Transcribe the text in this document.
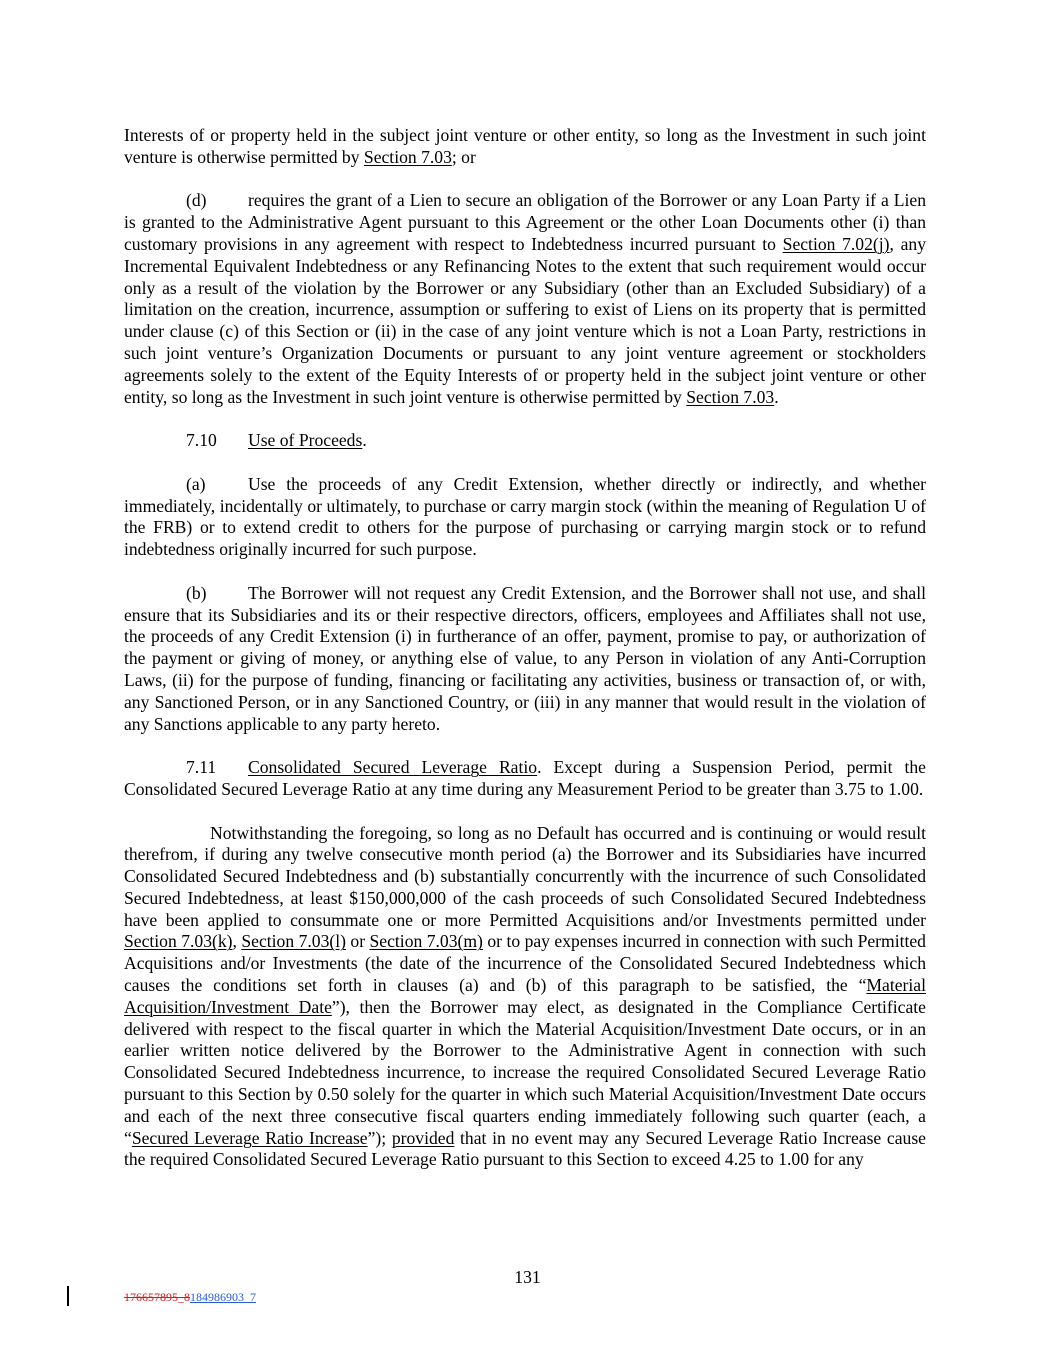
Interests of or property held in the subject joint venture or other entity, so long as the Investment in such joint venture is otherwise permitted by Section 7.03; or

(d) requires the grant of a Lien to secure an obligation of the Borrower or any Loan Party if a Lien is granted to the Administrative Agent pursuant to this Agreement or the other Loan Documents other (i) than customary provisions in any agreement with respect to Indebtedness incurred pursuant to Section 7.02(j), any Incremental Equivalent Indebtedness or any Refinancing Notes to the extent that such requirement would occur only as a result of the violation by the Borrower or any Subsidiary (other than an Excluded Subsidiary) of a limitation on the creation, incurrence, assumption or suffering to exist of Liens on its property that is permitted under clause (c) of this Section or (ii) in the case of any joint venture which is not a Loan Party, restrictions in such joint venture’s Organization Documents or pursuant to any joint venture agreement or stockholders agreements solely to the extent of the Equity Interests of or property held in the subject joint venture or other entity, so long as the Investment in such joint venture is otherwise permitted by Section 7.03.

7.10 Use of Proceeds.

(a) Use the proceeds of any Credit Extension, whether directly or indirectly, and whether immediately, incidentally or ultimately, to purchase or carry margin stock (within the meaning of Regulation U of the FRB) or to extend credit to others for the purpose of purchasing or carrying margin stock or to refund indebtedness originally incurred for such purpose.

(b) The Borrower will not request any Credit Extension, and the Borrower shall not use, and shall ensure that its Subsidiaries and its or their respective directors, officers, employees and Affiliates shall not use, the proceeds of any Credit Extension (i) in furtherance of an offer, payment, promise to pay, or authorization of the payment or giving of money, or anything else of value, to any Person in violation of any Anti-Corruption Laws, (ii) for the purpose of funding, financing or facilitating any activities, business or transaction of, or with, any Sanctioned Person, or in any Sanctioned Country, or (iii) in any manner that would result in the violation of any Sanctions applicable to any party hereto.

7.11 Consolidated Secured Leverage Ratio. Except during a Suspension Period, permit the Consolidated Secured Leverage Ratio at any time during any Measurement Period to be greater than 3.75 to 1.00.

Notwithstanding the foregoing, so long as no Default has occurred and is continuing or would result therefrom, if during any twelve consecutive month period (a) the Borrower and its Subsidiaries have incurred Consolidated Secured Indebtedness and (b) substantially concurrently with the incurrence of such Consolidated Secured Indebtedness, at least $150,000,000 of the cash proceeds of such Consolidated Secured Indebtedness have been applied to consummate one or more Permitted Acquisitions and/or Investments permitted under Section 7.03(k), Section 7.03(l) or Section 7.03(m) or to pay expenses incurred in connection with such Permitted Acquisitions and/or Investments (the date of the incurrence of the Consolidated Secured Indebtedness which causes the conditions set forth in clauses (a) and (b) of this paragraph to be satisfied, the “Material Acquisition/Investment Date”), then the Borrower may elect, as designated in the Compliance Certificate delivered with respect to the fiscal quarter in which the Material Acquisition/Investment Date occurs, or in an earlier written notice delivered by the Borrower to the Administrative Agent in connection with such Consolidated Secured Indebtedness incurrence, to increase the required Consolidated Secured Leverage Ratio pursuant to this Section by 0.50 solely for the quarter in which such Material Acquisition/Investment Date occurs and each of the next three consecutive fiscal quarters ending immediately following such quarter (each, a “Secured Leverage Ratio Increase”); provided that in no event may any Secured Leverage Ratio Increase cause the required Consolidated Secured Leverage Ratio pursuant to this Section to exceed 4.25 to 1.00 for any

131
176657895_8184986903_7
